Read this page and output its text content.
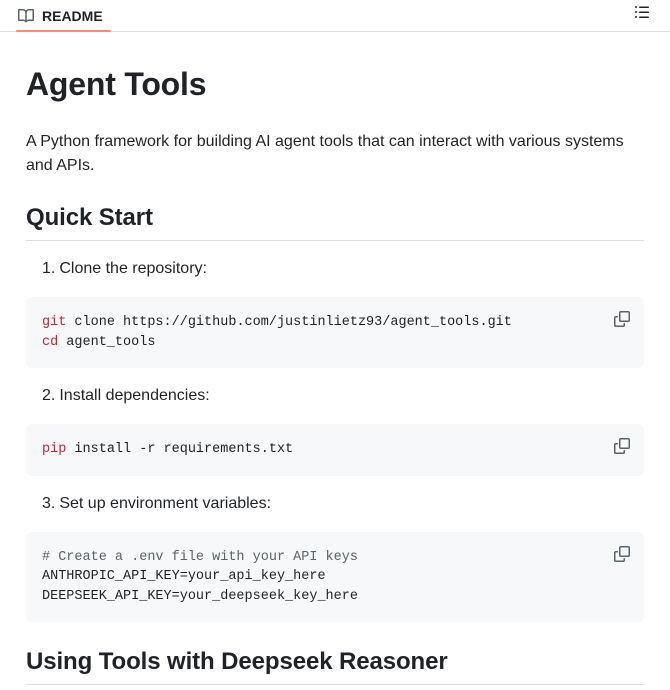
README
Agent Tools

A Python framework for building AI agent tools that can interact with various systems and APIs.

Quick Start
1. Clone the repository:
git clone https://github.com/justinlietz93/agent_tools.git
cd agent_tools
2. Install dependencies:
pip install -r requirements.txt
3. Set up environment variables:
# Create a .env file with your API keys
ANTHROPIC_API_KEY=your_api_key_here
DEEPSEEK_API_KEY=your_deepseek_key_here
Using Tools with Deepseek Reasoner
